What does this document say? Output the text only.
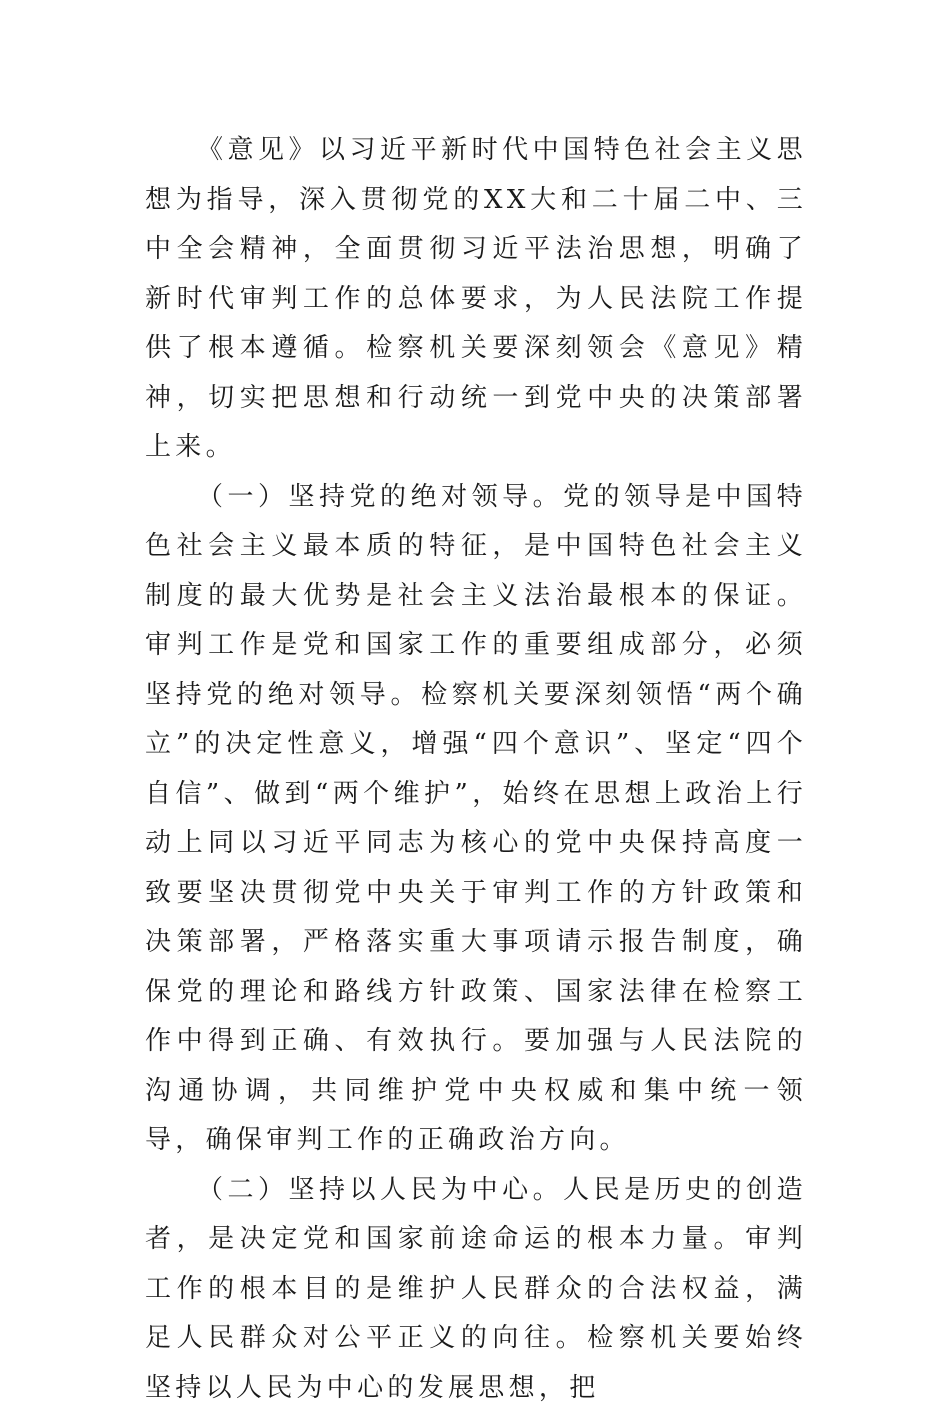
《意见》以习近平新时代中国特色社会主义思想为指导，深入贯彻党的XX大和二十届二中、三中全会精神，全面贯彻习近平法治思想，明确了新时代审判工作的总体要求，为人民法院工作提供了根本遵循。检察机关要深刻领会《意见》精神，切实把思想和行动统一到党中央的决策部署上来。

（一）坚持党的绝对领导。党的领导是中国特色社会主义最本质的特征，是中国特色社会主义制度的最大优势是社会主义法治最根本的保证。审判工作是党和国家工作的重要组成部分，必须坚持党的绝对领导。检察机关要深刻领悟“两个确立”的决定性意义，增强“四个意识”、坚定“四个自信”、做到“两个维护”，始终在思想上政治上行动上同以习近平同志为核心的党中央保持高度一致要坚决贯彻党中央关于审判工作的方针政策和决策部署，严格落实重大事项请示报告制度，确保党的理论和路线方针政策、国家法律在检察工作中得到正确、有效执行。要加强与人民法院的沟通协调，共同维护党中央权威和集中统一领导，确保审判工作的正确政治方向。

（二）坚持以人民为中心。人民是历史的创造者，是决定党和国家前途命运的根本力量。审判工作的根本目的是维护人民群众的合法权益，满足人民群众对公平正义的向往。检察机关要始终坚持以人民为中心的发展思想，把
